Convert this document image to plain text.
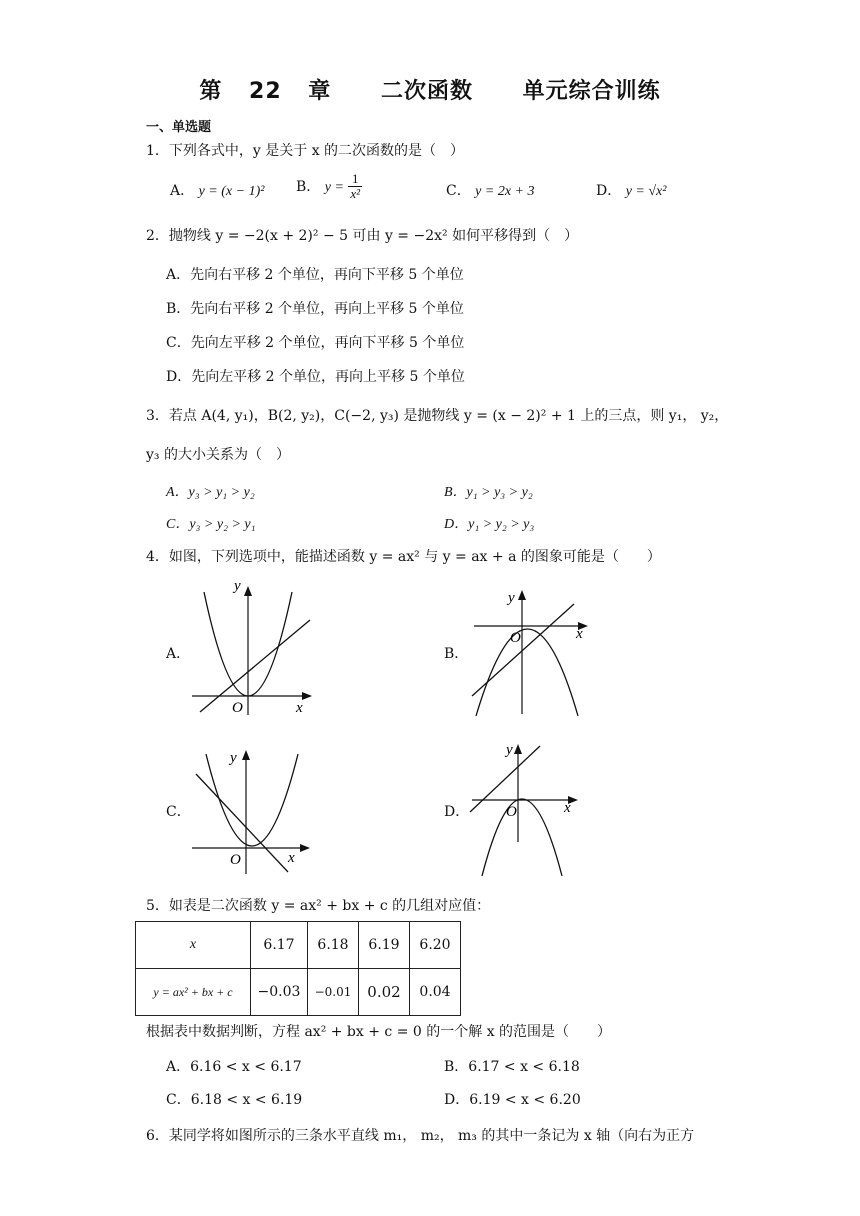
第 22 章　 二次函数　 单元综合训练
一、单选题
1．下列各式中，y 是关于 x 的二次函数的是（　）
A． y = (x − 1)² B． $y = \frac{1}{\text{x²}}$	C． y = 2x + 3	D． y = √x²
2．抛物线 y = −2(x + 2)² − 5 可由 y = −2x² 如何平移得到（　）
A．先向右平移 2 个单位，再向下平移 5 个单位
B．先向右平移 2 个单位，再向上平移 5 个单位
C．先向左平移 2 个单位，再向下平移 5 个单位
D．先向左平移 2 个单位，再向上平移 5 个单位
3．若点 A(4, y₁)，B(2, y₂)，C(−2, y₃) 是抛物线 y = (x − 2)² + 1 上的三点，则 y₁， y₂，
y₃ 的大小关系为（　）
A．y₃ > y₁ > y₂	B．y₁ > y₃ > y₂
C．y₃ > y₂ > y₁	D．y₁ > y₂ > y₃
4．如图，下列选项中，能描述函数 y = ax² 与 y = ax + a 的图象可能是（　　）
A．	B．
C．	D．
y
O	x
y
O	x
y
O	x
y
O	x
5．如表是二次函数 y = ax² + bx + c 的几组对应值：
x	6.17	6.18	6.19	6.20
y = ax² + bx + c	−0.03	−0.01	0.02	0.04
根据表中数据判断，方程 ax² + bx + c = 0 的一个解 x 的范围是（　　）
A．6.16 < x < 6.17	B．6.17 < x < 6.18
C．6.18 < x < 6.19	D．6.19 < x < 6.20
6．某同学将如图所示的三条水平直线 m₁， m₂， m₃ 的其中一条记为 x 轴（向右为正方
